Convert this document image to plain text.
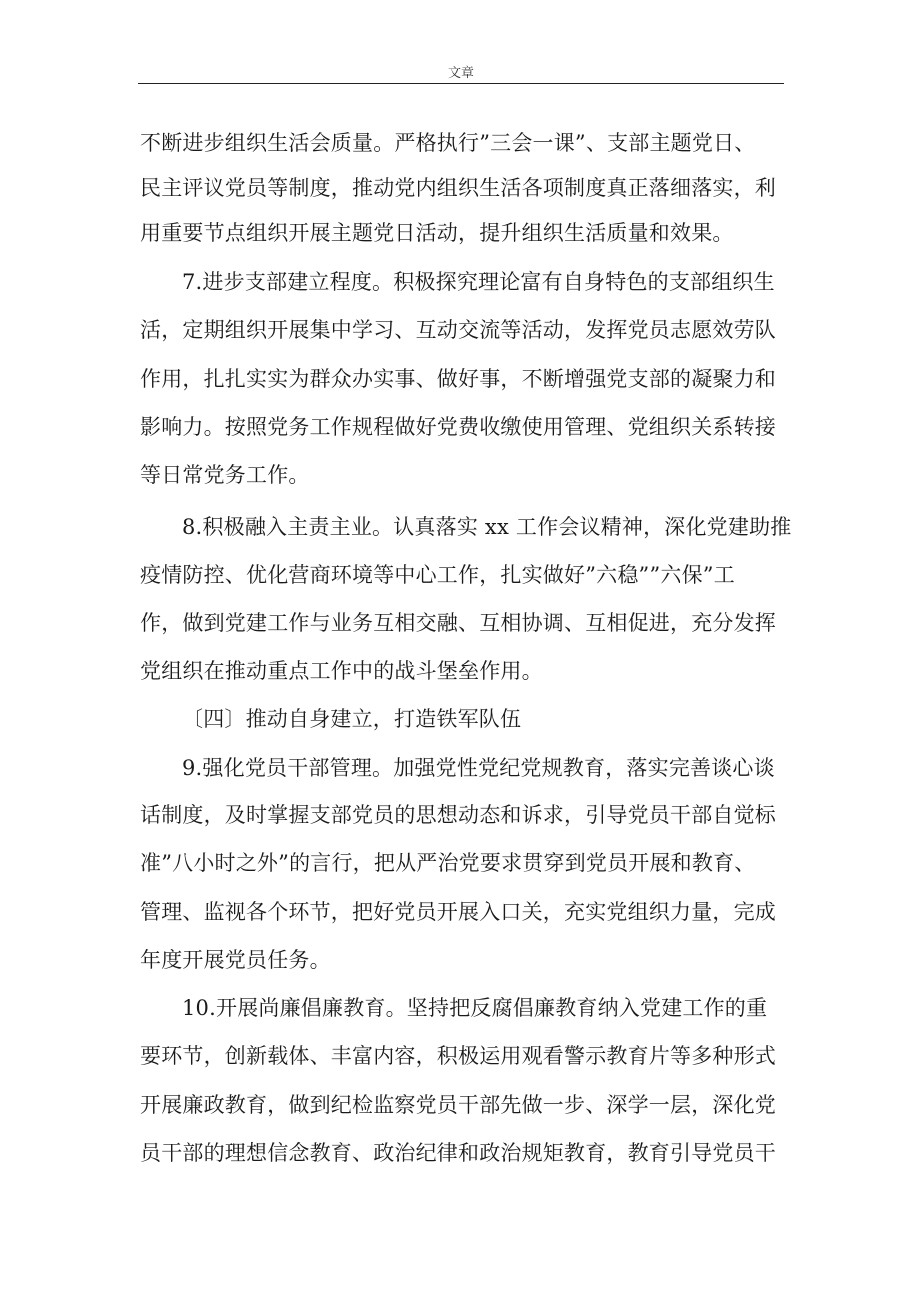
文章
不断进步组织生活会质量。严格执行”三会一课”、支部主题党日、
民主评议党员等制度，推动党内组织生活各项制度真正落细落实，利
用重要节点组织开展主题党日活动，提升组织生活质量和效果。
7.进步支部建立程度。积极探究理论富有自身特色的支部组织生
活，定期组织开展集中学习、互动交流等活动，发挥党员志愿效劳队
作用，扎扎实实为群众办实事、做好事，不断增强党支部的凝聚力和
影响力。按照党务工作规程做好党费收缴使用管理、党组织关系转接
等日常党务工作。
8.积极融入主责主业。认真落实 xx 工作会议精神，深化党建助推
疫情防控、优化营商环境等中心工作，扎实做好”六稳””六保”工
作，做到党建工作与业务互相交融、互相协调、互相促进，充分发挥
党组织在推动重点工作中的战斗堡垒作用。
〔四〕推动自身建立，打造铁军队伍
9.强化党员干部管理。加强党性党纪党规教育，落实完善谈心谈
话制度，及时掌握支部党员的思想动态和诉求，引导党员干部自觉标
准”八小时之外”的言行，把从严治党要求贯穿到党员开展和教育、
管理、监视各个环节，把好党员开展入口关，充实党组织力量，完成
年度开展党员任务。
10.开展尚廉倡廉教育。坚持把反腐倡廉教育纳入党建工作的重
要环节，创新载体、丰富内容，积极运用观看警示教育片等多种形式
开展廉政教育，做到纪检监察党员干部先做一步、深学一层，深化党
员干部的理想信念教育、政治纪律和政治规矩教育，教育引导党员干
